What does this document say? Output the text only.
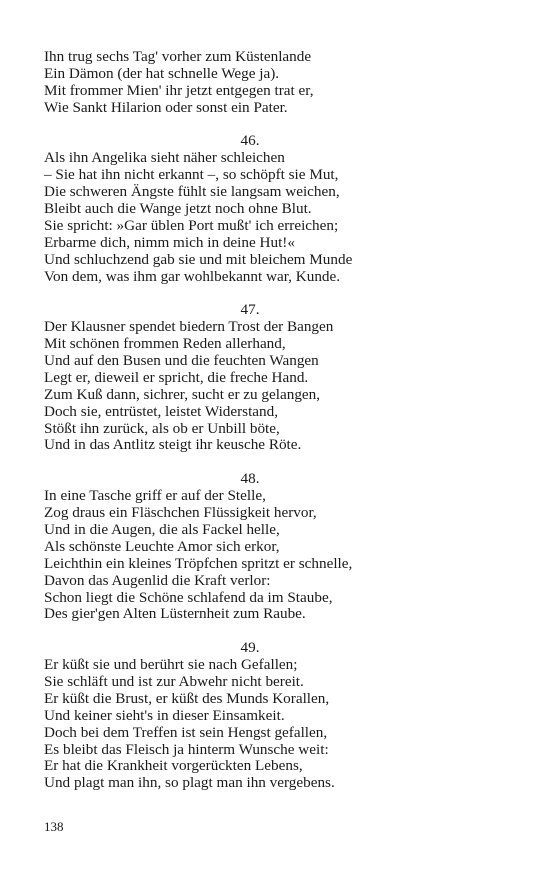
Ihn trug sechs Tag' vorher zum Küstenlande
Ein Dämon (der hat schnelle Wege ja).
Mit frommer Mien' ihr jetzt entgegen trat er,
Wie Sankt Hilarion oder sonst ein Pater.
46.
Als ihn Angelika sieht näher schleichen
– Sie hat ihn nicht erkannt –, so schöpft sie Mut,
Die schweren Ängste fühlt sie langsam weichen,
Bleibt auch die Wange jetzt noch ohne Blut.
Sie spricht: »Gar üblen Port mußt' ich erreichen;
Erbarme dich, nimm mich in deine Hut!«
Und schluchzend gab sie und mit bleichem Munde
Von dem, was ihm gar wohlbekannt war, Kunde.
47.
Der Klausner spendet biedern Trost der Bangen
Mit schönen frommen Reden allerhand,
Und auf den Busen und die feuchten Wangen
Legt er, dieweil er spricht, die freche Hand.
Zum Kuß dann, sichrer, sucht er zu gelangen,
Doch sie, entrüstet, leistet Widerstand,
Stößt ihn zurück, als ob er Unbill böte,
Und in das Antlitz steigt ihr keusche Röte.
48.
In eine Tasche griff er auf der Stelle,
Zog draus ein Fläschchen Flüssigkeit hervor,
Und in die Augen, die als Fackel helle,
Als schönste Leuchte Amor sich erkor,
Leichthin ein kleines Tröpfchen spritzt er schnelle,
Davon das Augenlid die Kraft verlor:
Schon liegt die Schöne schlafend da im Staube,
Des gier'gen Alten Lüsternheit zum Raube.
49.
Er küßt sie und berührt sie nach Gefallen;
Sie schläft und ist zur Abwehr nicht bereit.
Er küßt die Brust, er küßt des Munds Korallen,
Und keiner sieht's in dieser Einsamkeit.
Doch bei dem Treffen ist sein Hengst gefallen,
Es bleibt das Fleisch ja hinterm Wunsche weit:
Er hat die Krankheit vorgerückten Lebens,
Und plagt man ihn, so plagt man ihn vergebens.
138
